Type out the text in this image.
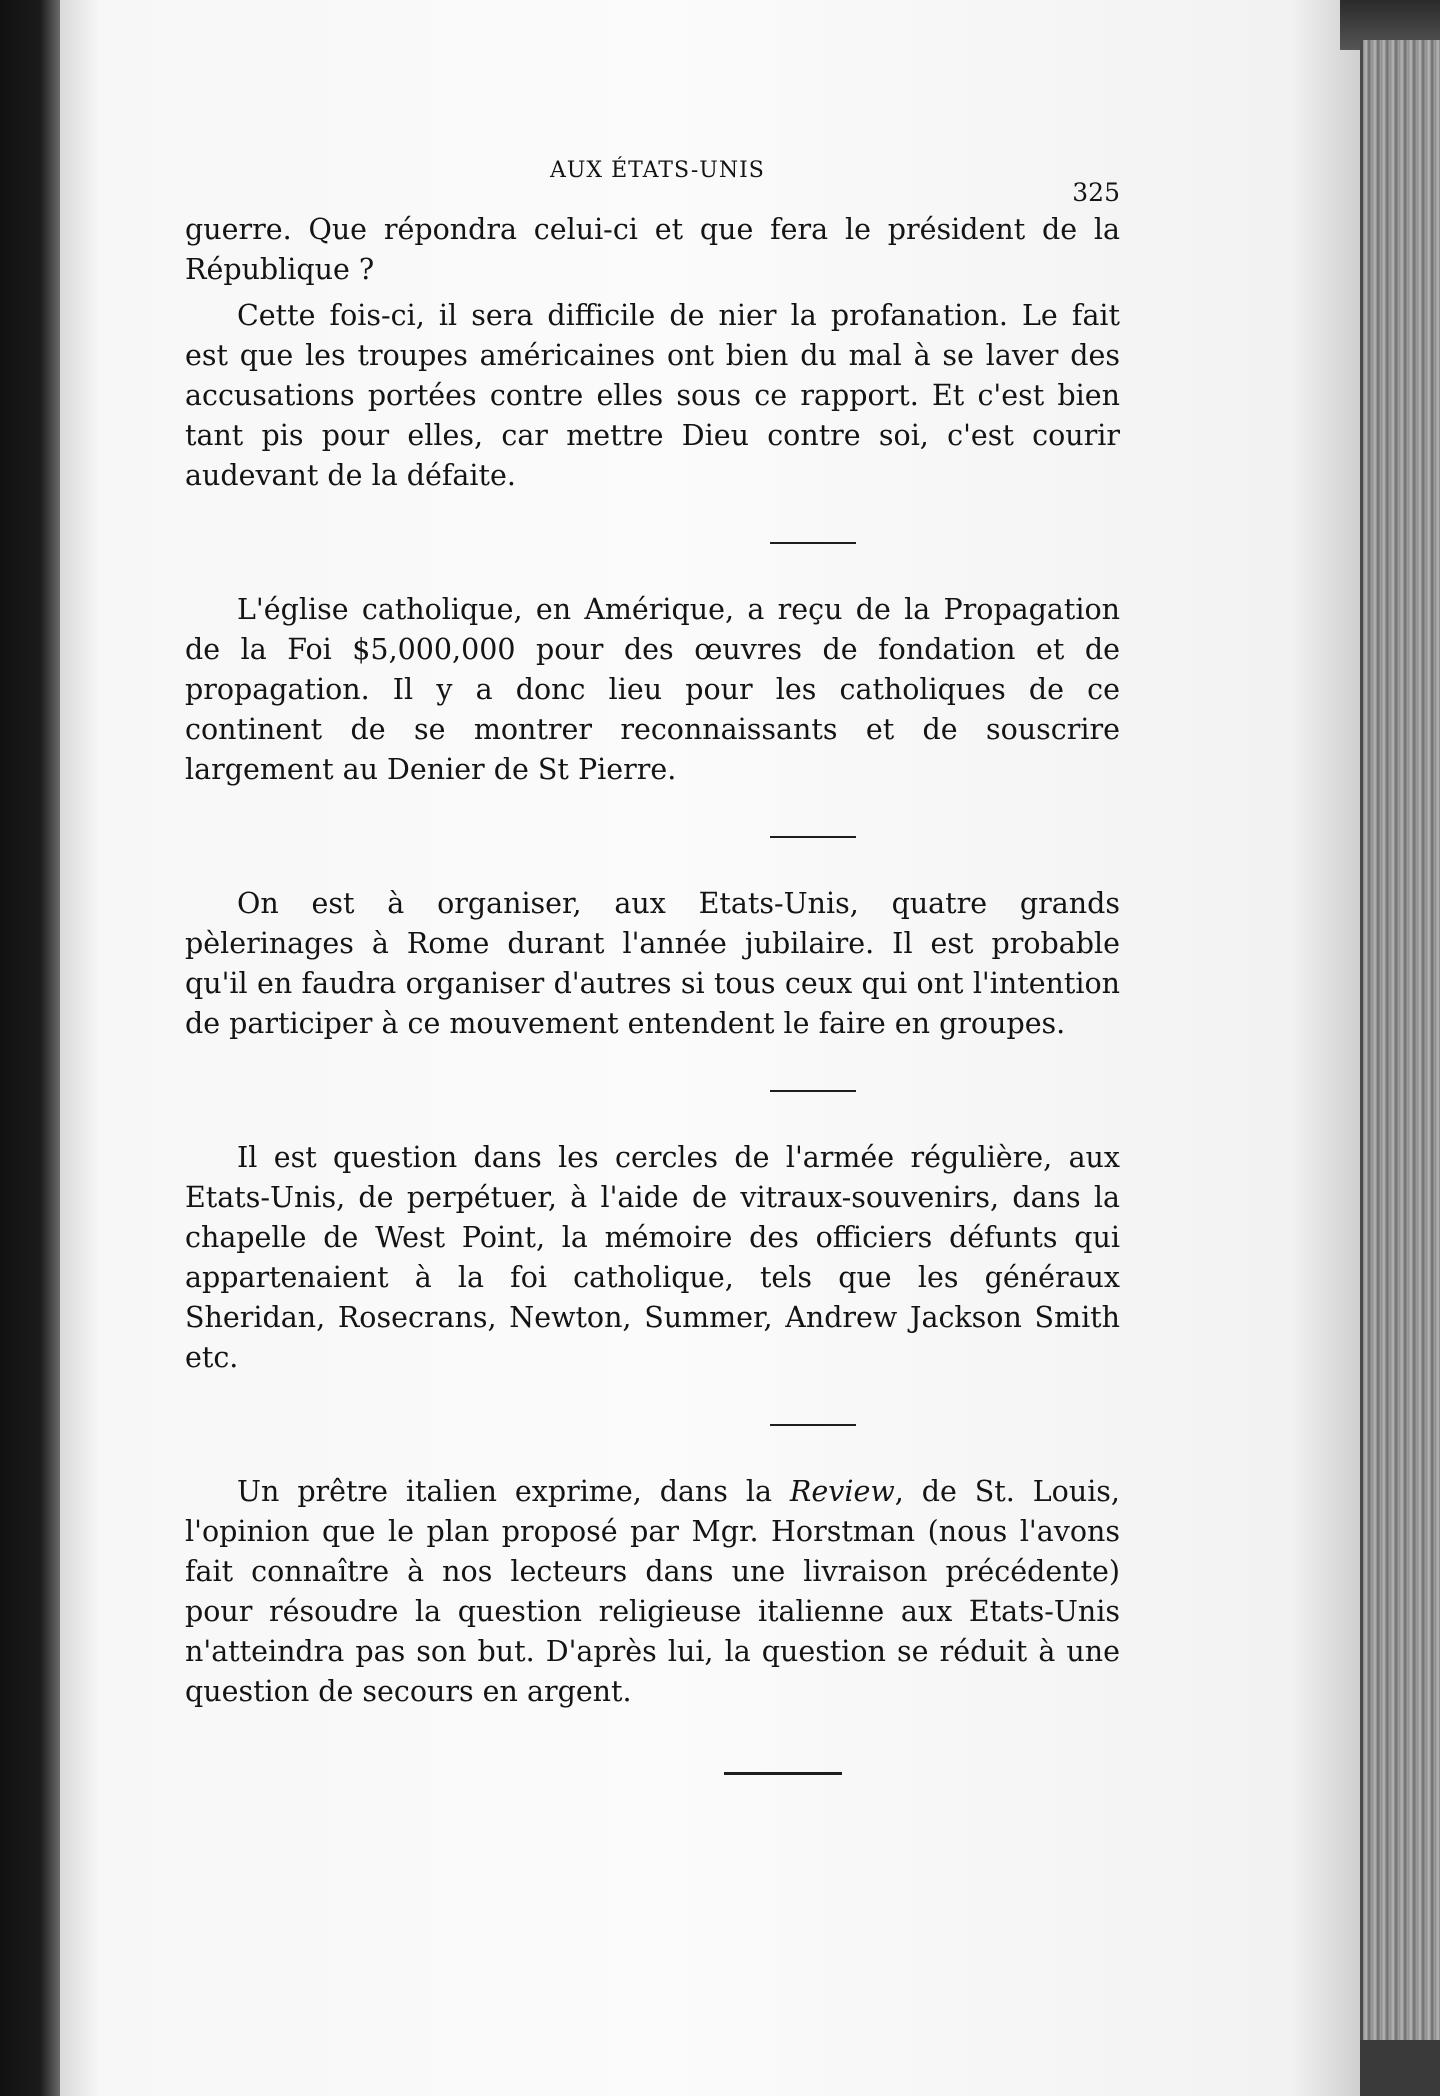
AUX ÉTATS-UNIS
325

guerre. Que répondra celui-ci et que fera le président de la République ?

Cette fois-ci, il sera difficile de nier la profanation. Le fait est que les troupes américaines ont bien du mal à se laver des accusations portées contre elles sous ce rapport. Et c'est bien tant pis pour elles, car mettre Dieu contre soi, c'est courir audevant de la défaite.

L'église catholique, en Amérique, a reçu de la Propagation de la Foi $5,000,000 pour des œuvres de fondation et de propagation. Il y a donc lieu pour les catholiques de ce continent de se montrer reconnaissants et de souscrire largement au Denier de St Pierre.

On est à organiser, aux Etats-Unis, quatre grands pèlerinages à Rome durant l'année jubilaire. Il est probable qu'il en faudra organiser d'autres si tous ceux qui ont l'intention de participer à ce mouvement entendent le faire en groupes.

Il est question dans les cercles de l'armée régulière, aux Etats-Unis, de perpétuer, à l'aide de vitraux-souvenirs, dans la chapelle de West Point, la mémoire des officiers défunts qui appartenaient à la foi catholique, tels que les généraux Sheridan, Rosecrans, Newton, Summer, Andrew Jackson Smith etc.

Un prêtre italien exprime, dans la Review, de St. Louis, l'opinion que le plan proposé par Mgr. Horstman (nous l'avons fait connaître à nos lecteurs dans une livraison précédente) pour résoudre la question religieuse italienne aux Etats-Unis n'atteindra pas son but. D'après lui, la question se réduit à une question de secours en argent.
